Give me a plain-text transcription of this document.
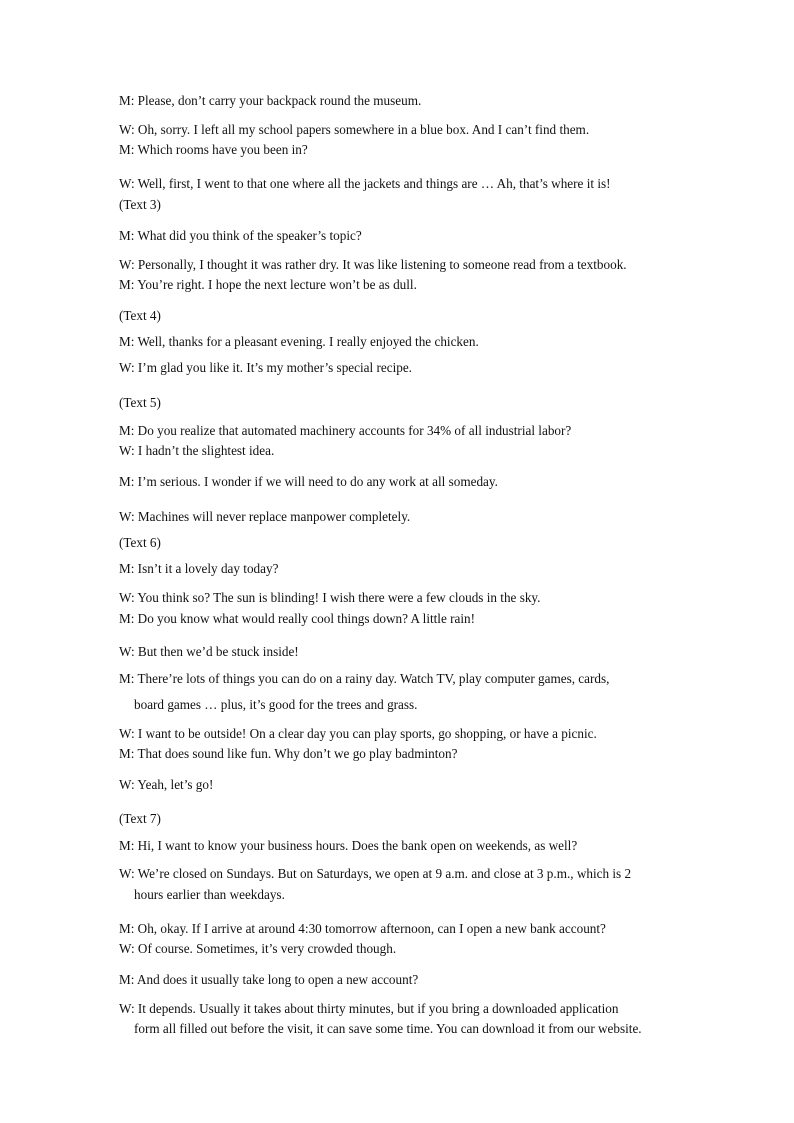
M: Please, don’t carry your backpack round the museum.
W: Oh, sorry. I left all my school papers somewhere in a blue box. And I can’t find them.
M: Which rooms have you been in?
W: Well, first, I went to that one where all the jackets and things are … Ah, that’s where it is!
(Text 3)
M: What did you think of the speaker’s topic?
W: Personally, I thought it was rather dry. It was like listening to someone read from a textbook.
M: You’re right. I hope the next lecture won’t be as dull.
(Text 4)
M: Well, thanks for a pleasant evening. I really enjoyed the chicken.
W: I’m glad you like it. It’s my mother’s special recipe.
(Text 5)
M: Do you realize that automated machinery accounts for 34% of all industrial labor?
W: I hadn’t the slightest idea.
M: I’m serious. I wonder if we will need to do any work at all someday.
W: Machines will never replace manpower completely.
(Text 6)
M: Isn’t it a lovely day today?
W: You think so? The sun is blinding! I wish there were a few clouds in the sky.
M: Do you know what would really cool things down? A little rain!
W: But then we’d be stuck inside!
M: There’re lots of things you can do on a rainy day. Watch TV, play computer games, cards,
board games … plus, it’s good for the trees and grass.
W: I want to be outside! On a clear day you can play sports, go shopping, or have a picnic.
M: That does sound like fun. Why don’t we go play badminton?
W: Yeah, let’s go!
(Text 7)
M: Hi, I want to know your business hours. Does the bank open on weekends, as well?
W: We’re closed on Sundays. But on Saturdays, we open at 9 a.m. and close at 3 p.m., which is 2
hours earlier than weekdays.
M: Oh, okay. If I arrive at around 4:30 tomorrow afternoon, can I open a new bank account?
W: Of course. Sometimes, it’s very crowded though.
M: And does it usually take long to open a new account?
W: It depends. Usually it takes about thirty minutes, but if you bring a downloaded application
form all filled out before the visit, it can save some time. You can download it from our website.
